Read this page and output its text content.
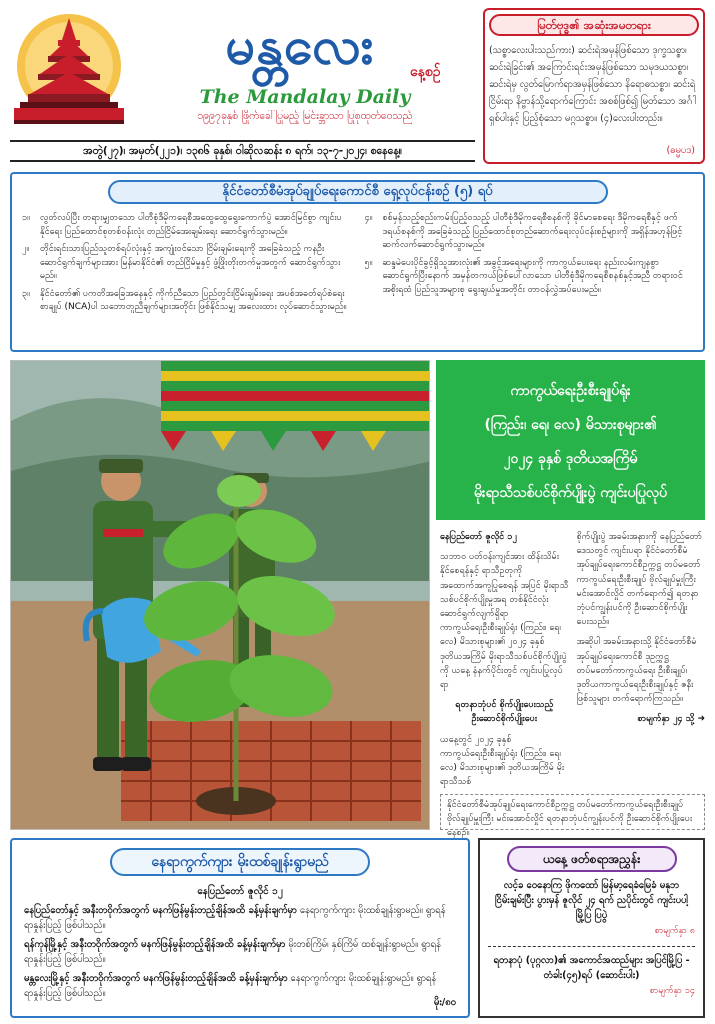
မန္တလေး	နေ့စဉ်
The Mandalay Daily
၁၉၉၇ခုနှစ် ဖြိုက်ခေါ်ပြုမည့် မြင်းခ္ဘာသာ ပြုစုထုတ်ဝေသည်
အတွဲ(၂၇)၊ အမှတ်(၂၂၁)၊ ၁၃၈၆ ခုနှစ်၊ ဝါဆိုလဆန်း ၈ ရက်၊ ၁၃-၇-၂၀၂၄၊ စနေနေ့။
မြတ်ဗုဒ္ဓ၏ အဆုံးအမတရား
(သစ္စာလေးပါးသည်ကား) ဆင်းရဲအမှန်ဖြစ်သော ဒုက္ခသစ္စာ၊ ဆင်းရဲခြင်း၏ အကြောင်းရင်းအမှန်ဖြစ်သော သမုဒယသစ္စာ၊ ဆင်းရဲမှ လွတ်မြောက်ရာအမှန်ဖြစ်သော နိရောဓသစ္စာ၊ ဆင်းရဲငြိမ်းရာ နိဗ္ဗာန်သို့ရောက်ကြောင်း အစစ်ဖြစ်၍ မြတ်သော အင်္ဂါရှစ်ပါးနှင့် ပြည့်စုံသော မဂ္ဂသစ္စာ။ (၄)လေးပါးတည်း။
(ဓမ္မပဒ)
နိုင်ငံတော်စီမံအုပ်ချုပ်ရေးကောင်စီ ရှေ့လုပ်ငန်းစဉ် (၅) ရပ်
၁။	လွတ်လပ်ပြီး တရားမျှတသော ပါတီစုံဒီမိုကရေစီအထွေထွေရွေးကောက်ပွဲ အောင်မြင်စွာ ကျင်းပနိုင်ရေး ပြည်ထောင်စုတစ်ဝန်းလုံး တည်ငြိမ်အေးချမ်းရေး ဆောင်ရွက်သွားမည်။
၂။	တိုင်းရင်းသားပြည်သူတစ်ရပ်လုံးနှင့် အကျုံးဝင်သော ငြိမ်းချမ်းရေးကို အခြေခံသည့် ကနဦးဆောင်ရွက်ချက်များအား မြန်မာနိုင်ငံ၏ တည်ငြိမ်မှုနှင့် ဖွံ့ဖြိုးတိုးတက်မှုအတွက် ဆောင်ရွက်သွားမည်။
၃။	နိုင်ငံတော်၏ ပကတိအခြေအနေနှင့် ကိုက်ညီသော ပြည်တွင်းငြိမ်းချမ်းရေး အပစ်အခတ်ရပ်စဲရေးစာချုပ် (NCA)ပါ သဘောတူညီချက်များအတိုင်း ဖြစ်နိုင်သမျှ အလေးထား လုပ်ဆောင်သွားမည်။
၄။	စစ်မှန်သည့်စည်းကမ်းပြည့်ဝသည့် ပါတီစုံဒီမိုကရေစီစနစ်ကို ခိုင်မာစေရေး ဒီမိုကရေစီနှင့် ဖက်ဒရယ်စနစ်ကို အခြေခံသည့် ပြည်ထောင်စုတည်ဆောက်ရေးလုပ်ငန်းစဉ်များကို အရှိန်အဟုန်ဖြင့် ဆက်လက်ဆောင်ရွက်သွားမည်။
၅။	ဆန္ဒမဲပေးပိုင်ခွင့်ရှိသူအားလုံး၏ အခွင့်အရေးများကို ကာကွယ်ပေးရေး နည်းလမ်းကျနစွာ ဆောင်ရွက်ပြီးနောက် အမှန်တကယ်ဖြစ်ပေါ်လာသော ပါတီစုံဒီမိုကရေစီစနစ်နှင့်အညီ တရားဝင်အစိုးရထံ ပြည်သူအများစု ရွေးချယ်မှုအတိုင်း တာဝန်လွှဲအပ်ပေးမည်။
ကာကွယ်ရေးဦးစီးချုပ်ရုံး
(ကြည်း၊ ရေ၊ လေ) မိသားစုများ၏
၂၀၂၄ ခုနှစ် ဒုတိယအကြိမ်
မိုးရာသီသစ်ပင်စိုက်ပျိုးပွဲ ကျင်းပပြုလုပ်

နေပြည်တော် ဇူလိုင် ၁၂

သဘာဝ ပတ်ဝန်းကျင်အား ထိန်းသိမ်းနိုင်စေရန်နှင့် ရာသီဥတုကို အထောက်အကူပြုစေရန် အပြင် မိုးရာသီသစ်ပင်စိုက်ပျိုးမှုအရ တစ်နိုင်ငံလုံး ဆောင်ရွက်လျက်ရှိရာ ကာကွယ်ရေးဦးစီးချုပ်ရုံး (ကြည်း၊ ရေ၊ လေ) မိသားစုများ၏ ၂၀၂၄ ခုနှစ် ဒုတိယအကြိမ် မိုးရာသီသစ်ပင်စိုက်ပျိုးပွဲကို ယနေ့ နံနက်ပိုင်းတွင် ကျင်းပပြုလုပ်ရာ

ရတနာဘုံပင် စိုက်ပျိုးပေးသည့် ဦးဆောင်စိုက်ပျိုးပေး

ယနေ့တွင် ၂၀၂၄ ခုနှစ်ကာကွယ်ရေးဦးစီးချုပ်ရုံး (ကြည်း၊ ရေ၊ လေ) မိသားစုများ၏ ဒုတိယအကြိမ် မိုးရာသီသစ်

စိုက်ပျိုးပွဲ အခမ်းအနားကို နေပြည်တော်ဒေသတွင် ကျင်းပရာ နိုင်ငံတော်စီမံအုပ်ချုပ်ရေးကောင်စီဥက္ကဋ္ဌ တပ်မတော်ကာကွယ်ရေးဦးစီးချုပ် ဗိုလ်ချုပ်မှူးကြီး မင်းအောင်လှိုင် တက်ရောက်၍ ရတနာ ဘုံပင်ကျွန်းပင်ကို ဦးဆောင်စိုက်ပျိုးပေးသည်။

အဆိုပါ အခမ်းအနားသို့ နိုင်ငံတော်စီမံအုပ်ချုပ်ရေးကောင်စီ ဒုဥက္ကဋ္ဌ တပ်မတော်ကာကွယ်ရေး ဦးစီးချုပ်၊ ဒုတိယကာကွယ်ရေးဦးစီးချုပ်နှင့် ဇနီးဖြစ်သူများ တက်ရောက်ကြသည်။

စာမျက်နှာ ၂၄ သို့ ➜

နိုင်ငံတော်စီမံအုပ်ချုပ်ရေးကောင်စီဥက္ကဋ္ဌ တပ်မတော်ကာကွယ်ရေးဦးစီးချုပ် ဗိုလ်ချုပ်မှူးကြီး မင်းအောင်လှိုင် ရတနာဘုံပင်ကျွန်းပင်ကို ဦးဆောင်စိုက်ပျိုးပေးနေစဉ်။
နေရာကွက်ကျား မိုးထစ်ချုန်းရွာမည်
နေပြည်တော် ဇူလိုင် ၁၂

နေပြည်တော်နှင့် အနီးတဝိုက်အတွက် မနက်ဖြန်မွန်းတည့်ချိန်အထိ ခန့်မှန်းချက်မှာ နေရာကွက်ကျား မိုးထစ်ချုန်းရွာမည်။ ရွာရန်ရာနှုန်းပြည့် ဖြစ်ပါသည်။

ရန်ကုန်မြို့နှင့် အနီးတဝိုက်အတွက် မနက်ဖြန်မွန်းတည့်ချိန်အထိ ခန့်မှန်းချက်မှာ မိုးတစ်ကြိမ်၊ နှစ်ကြိမ် ထစ်ချုန်းရွာမည်။ ရွာရန်ရာနှုန်းပြည့် ဖြစ်ပါသည်။

မန္တလေးမြို့နှင့် အနီးတဝိုက်အတွက် မနက်ဖြန်မွန်းတည့်ချိန်အထိ ခန့်မှန်းချက်မှာ နေရာကွက်ကျား မိုးထစ်ချုန်းရွာမည်။ ရွာရန်ရာနှုန်းပြည့် ဖြစ်ပါသည်။

မိုး/၈၀
ယနေ့ ဖတ်စရာအညွှန်း

လင့်ခ ဝေနောကြ ဖိုကထော် မြန်မာ့ရေခံမြေခံ မနုဘ ငြိမ်းချမ်းပြီး ပွားမှန် ဇူလိုင် ၂၄ ရက် ညပိုင်းတွင် ကျင်းပပါ့ မြို့ပြ ပြပွဲ

စာမျက်နှာ ၈

ရတနာပုံ (ပုဂ္ဂလာ)၏ အကောင်အထည်များ အပြင်မြို့ပြ - တံခါး(၄၅)ရပ် (ဆောင်းပါး)

စာမျက်နှာ ၁၄
